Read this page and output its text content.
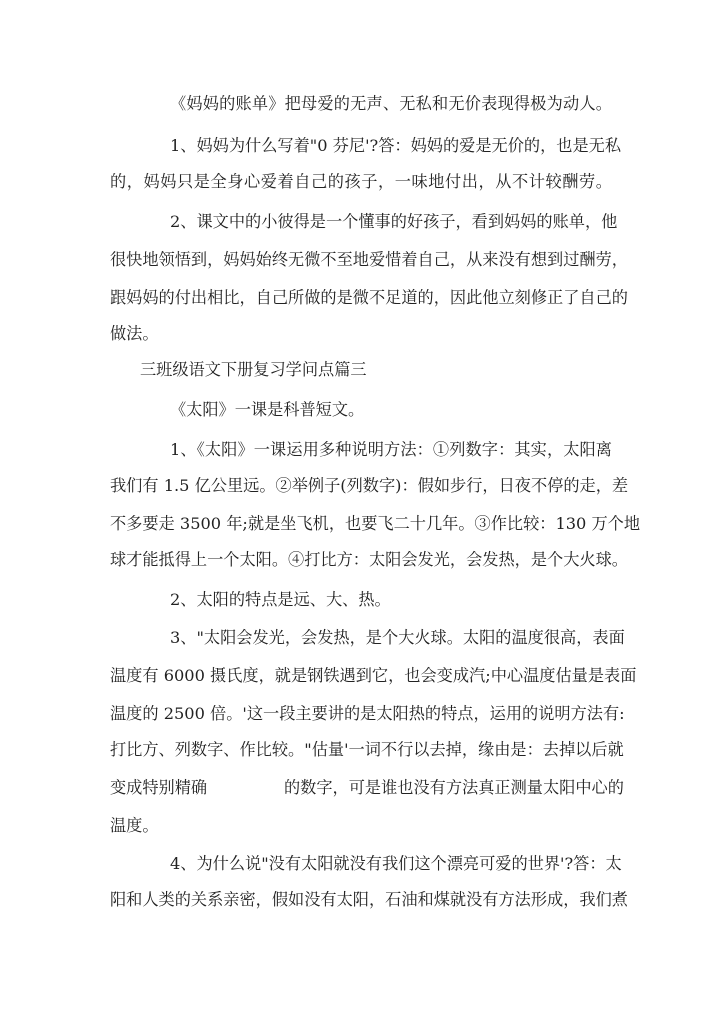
《妈妈的账单》把母爱的无声、无私和无价表现得极为动人。
1、妈妈为什么写着"0 芬尼'?答：妈妈的爱是无价的，也是无私
的，妈妈只是全身心爱着自己的孩子，一味地付出，从不计较酬劳。
2、课文中的小彼得是一个懂事的好孩子，看到妈妈的账单，他
很快地领悟到，妈妈始终无微不至地爱惜着自己，从来没有想到过酬劳，
跟妈妈的付出相比，自己所做的是微不足道的，因此他立刻修正了自己的
做法。
三班级语文下册复习学问点篇三
《太阳》一课是科普短文。
1、《太阳》一课运用多种说明方法：①列数字：其实，太阳离
我们有 1.5 亿公里远。②举例子(列数字)：假如步行，日夜不停的走，差
不多要走 3500 年;就是坐飞机，也要飞二十几年。③作比较：130 万个地
球才能抵得上一个太阳。④打比方：太阳会发光，会发热，是个大火球。
2、太阳的特点是远、大、热。
3、"太阳会发光，会发热，是个大火球。太阳的温度很高，表面
温度有 6000 摄氏度，就是钢铁遇到它，也会变成汽;中心温度估量是表面
温度的 2500 倍。'这一段主要讲的是太阳热的特点，运用的说明方法有:
打比方、列数字、作比较。"估量'一词不行以去掉，缘由是：去掉以后就
变成特别精确	的数字，可是谁也没有方法真正测量太阳中心的
温度。
4、为什么说"没有太阳就没有我们这个漂亮可爱的世界'?答：太
阳和人类的关系亲密，假如没有太阳，石油和煤就没有方法形成，我们煮
